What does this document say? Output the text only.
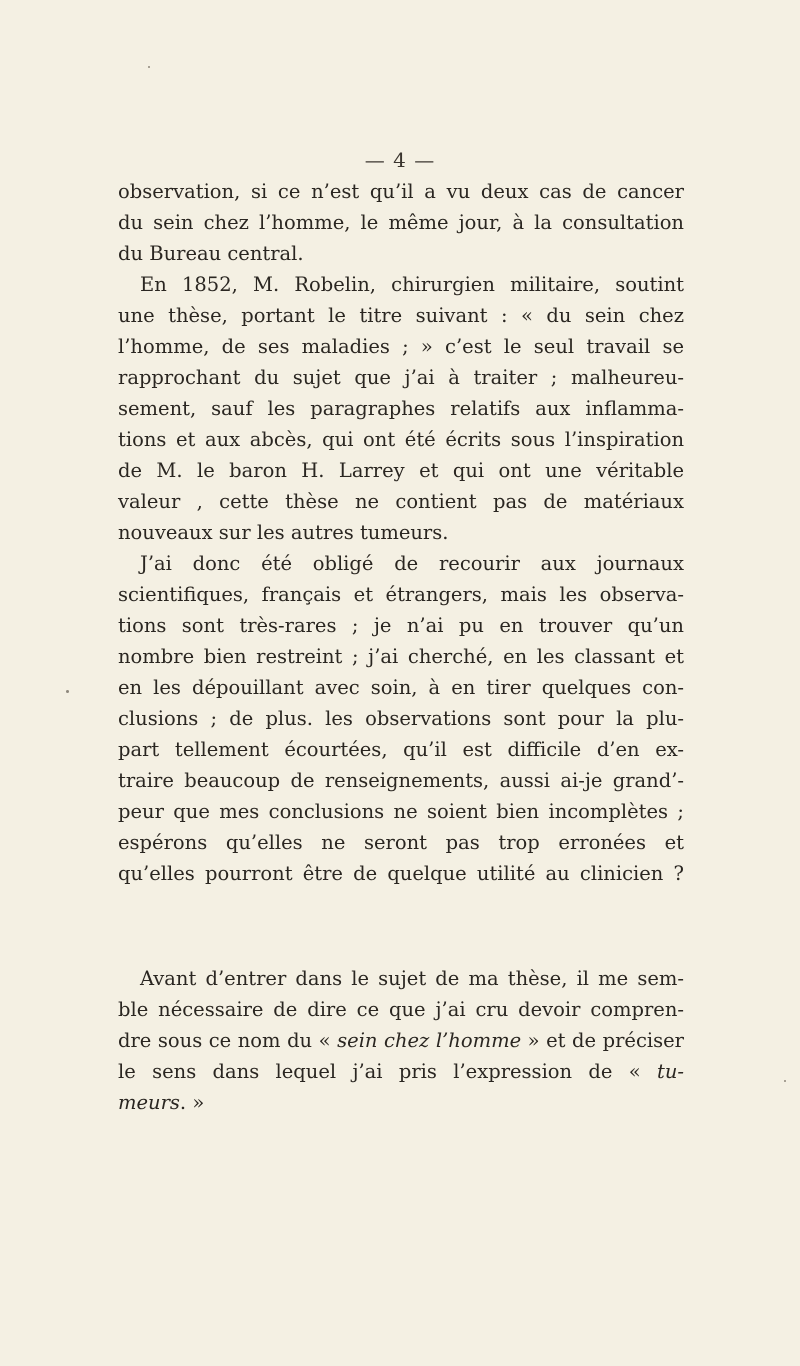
— 4 —
observation, si ce n’est qu’il a vu deux cas de cancer
du sein chez l’homme, le même jour, à la consultation
du Bureau central.
En 1852, M. Robelin, chirurgien militaire, soutint
une thèse, portant le titre suivant : « du sein chez
l’homme, de ses maladies ; » c’est le seul travail se
rapprochant du sujet que j’ai à traiter ; malheureu-
sement, sauf les paragraphes relatifs aux inflamma-
tions et aux abcès, qui ont été écrits sous l’inspiration
de M. le baron H. Larrey et qui ont une véritable
valeur , cette thèse ne contient pas de matériaux
nouveaux sur les autres tumeurs.
J’ai donc été obligé de recourir aux journaux
scientifiques, français et étrangers, mais les observa-
tions sont très-rares ; je n’ai pu en trouver qu’un
nombre bien restreint ; j’ai cherché, en les classant et
en les dépouillant avec soin, à en tirer quelques con-
clusions ; de plus. les observations sont pour la plu-
part tellement écourtées, qu’il est difficile d’en ex-
traire beaucoup de renseignements, aussi ai-je grand’-
peur que mes conclusions ne soient bien incomplètes ;
espérons qu’elles ne seront pas trop erronées et
qu’elles pourront être de quelque utilité au clinicien ?
Avant d’entrer dans le sujet de ma thèse, il me sem-
ble nécessaire de dire ce que j’ai cru devoir compren-
dre sous ce nom du « sein chez l’homme » et de préciser
le sens dans lequel j’ai pris l’expression de « tu-
meurs. »
